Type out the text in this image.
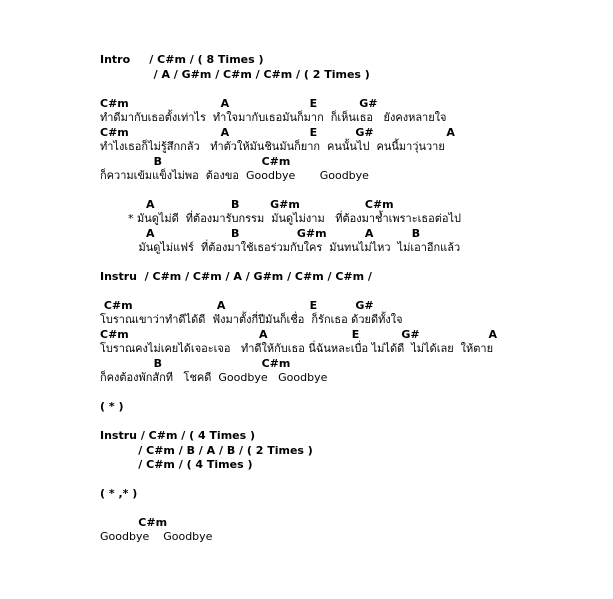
Intro     / C#m / ( 8 Times )
/ A / G#m / C#m / C#m / ( 2 Times )
C#m                        A                     E           G#
ทำดีมากับเธอตั้งเท่าไร  ทำใจมากับเธอมันก็มาก  ก็เห็นเธอ   ยังคงหลายใจ
C#m                        A                     E          G#                   A
ทำไงเธอก็ไม่รู้สึกกลัว   ทำตัวให้มันชินมันก็ยาก  คนนั้นไป  คนนี้มาวุ่นวาย
B                          C#m
ก็ความเข้มแข็งไม่พอ  ต้องขอ  Goodbye       Goodbye
A                    B        G#m                 C#m
* มันดูไม่ดี  ที่ต้องมารับกรรม  มันดูไม่งาม   ที่ต้องมาช้ำเพราะเธอต่อไป
A                    B               G#m          A          B
มันดูไม่แฟร์  ที่ต้องมาใช้เธอร่วมกับใคร  มันทนไม่ไหว  ไม่เอาอีกแล้ว
Instru  / C#m / C#m / A / G#m / C#m / C#m /
C#m                      A                      E          G#
โบราณเขาว่าทำดีได้ดี  ฟังมาตั้งกี่ปีมันก็เชื่อ  ก็รักเธอ ด้วยดีทั้งใจ
C#m                                  A                      E           G#                  A
โบราณคงไม่เคยได้เจอะเจอ   ทำดีให้กับเธอ นี่ฉันหละเบื่อ ไม่ได้ดี  ไม่ได้เลย  ให้ตาย
B                          C#m
ก็คงต้องพักสักที   โชคดี  Goodbye   Goodbye
( * )
Instru / C#m / ( 4 Times )
/ C#m / B / A / B / ( 2 Times )
/ C#m / ( 4 Times )
( * ,* )
C#m
Goodbye    Goodbye
